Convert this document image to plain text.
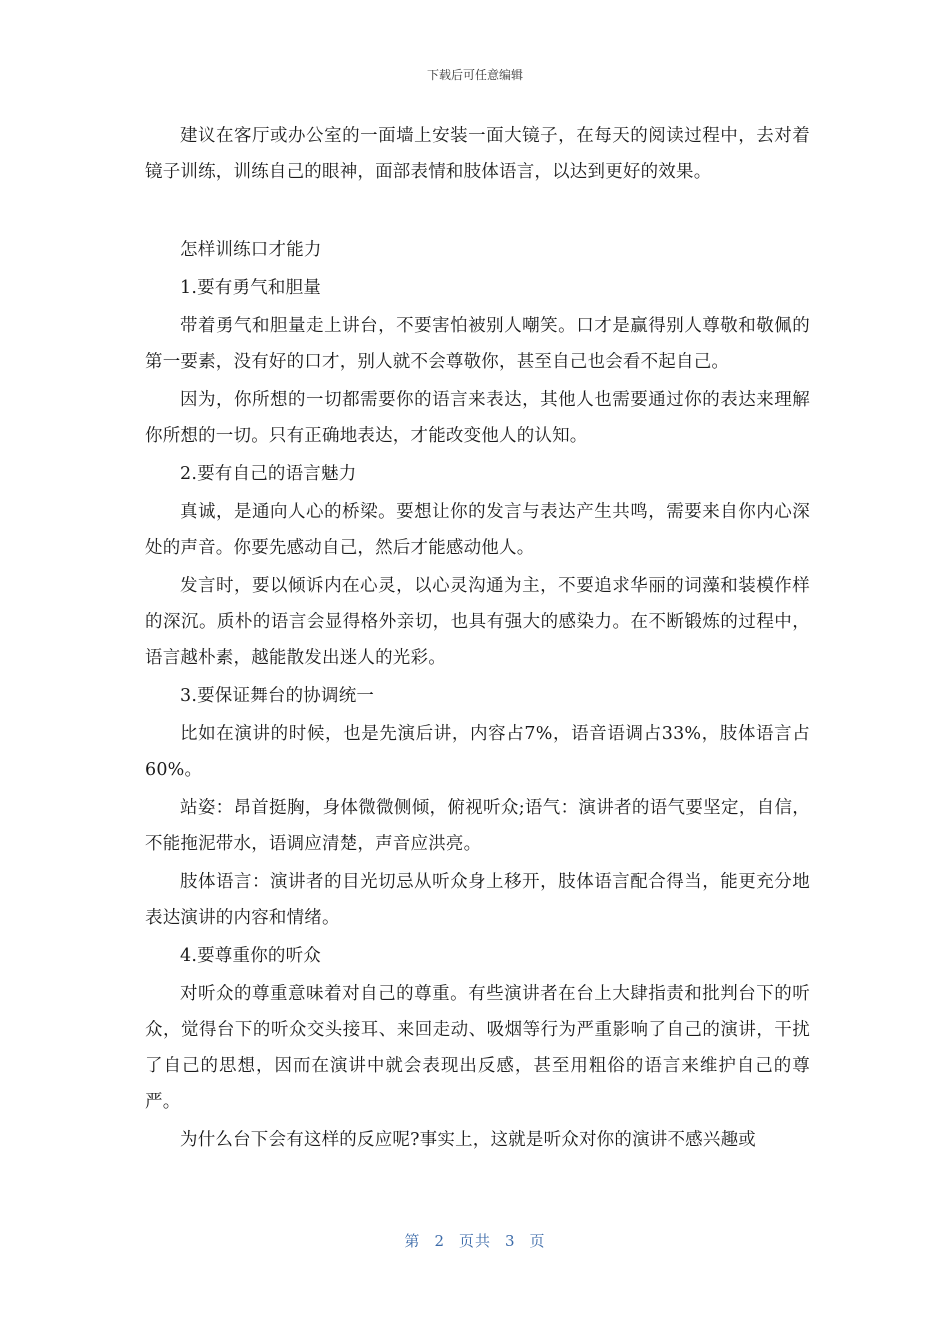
下载后可任意编辑

建议在客厅或办公室的一面墙上安装一面大镜子，在每天的阅读过程中，去对着镜子训练，训练自己的眼神，面部表情和肢体语言，以达到更好的效果。

怎样训练口才能力

1.要有勇气和胆量

带着勇气和胆量走上讲台，不要害怕被别人嘲笑。口才是赢得别人尊敬和敬佩的第一要素，没有好的口才，别人就不会尊敬你，甚至自己也会看不起自己。

因为，你所想的一切都需要你的语言来表达，其他人也需要通过你的表达来理解你所想的一切。只有正确地表达，才能改变他人的认知。

2.要有自己的语言魅力

真诚，是通向人心的桥梁。要想让你的发言与表达产生共鸣，需要来自你内心深处的声音。你要先感动自己，然后才能感动他人。

发言时，要以倾诉内在心灵，以心灵沟通为主，不要追求华丽的词藻和装模作样的深沉。质朴的语言会显得格外亲切，也具有强大的感染力。在不断锻炼的过程中，语言越朴素，越能散发出迷人的光彩。

3.要保证舞台的协调统一

比如在演讲的时候，也是先演后讲，内容占7%，语音语调占33%，肢体语言占60%。

站姿：昂首挺胸，身体微微侧倾，俯视听众;语气：演讲者的语气要坚定，自信，不能拖泥带水，语调应清楚，声音应洪亮。

肢体语言：演讲者的目光切忌从听众身上移开，肢体语言配合得当，能更充分地表达演讲的内容和情绪。

4.要尊重你的听众

对听众的尊重意味着对自己的尊重。有些演讲者在台上大肆指责和批判台下的听众，觉得台下的听众交头接耳、来回走动、吸烟等行为严重影响了自己的演讲，干扰了自己的思想，因而在演讲中就会表现出反感，甚至用粗俗的语言来维护自己的尊严。

为什么台下会有这样的反应呢?事实上，这就是听众对你的演讲不感兴趣或

第 2 页共 3 页
